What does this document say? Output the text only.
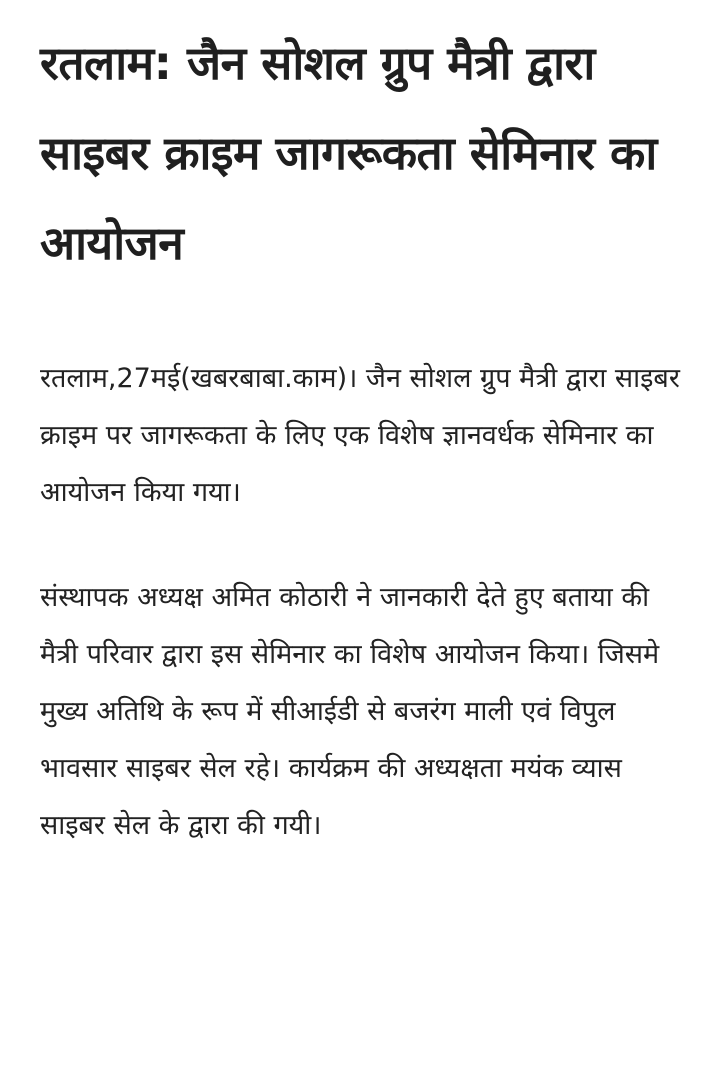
रतलाम: जैन सोशल ग्रुप मैत्री द्वारा साइबर क्राइम जागरूकता सेमिनार का आयोजन

रतलाम,27मई(खबरबाबा.काम)। जैन सोशल ग्रुप मैत्री द्वारा साइबर क्राइम पर जागरूकता के लिए एक विशेष ज्ञानवर्धक सेमिनार का आयोजन किया गया।

संस्थापक अध्यक्ष अमित कोठारी ने जानकारी देते हुए बताया की मैत्री परिवार द्वारा इस सेमिनार का विशेष आयोजन किया। जिसमे मुख्य अतिथि के रूप में सीआईडी से बजरंग माली एवं विपुल भावसार साइबर सेल रहे। कार्यक्रम की अध्यक्षता मयंक व्यास साइबर सेल के द्वारा की गयी।
